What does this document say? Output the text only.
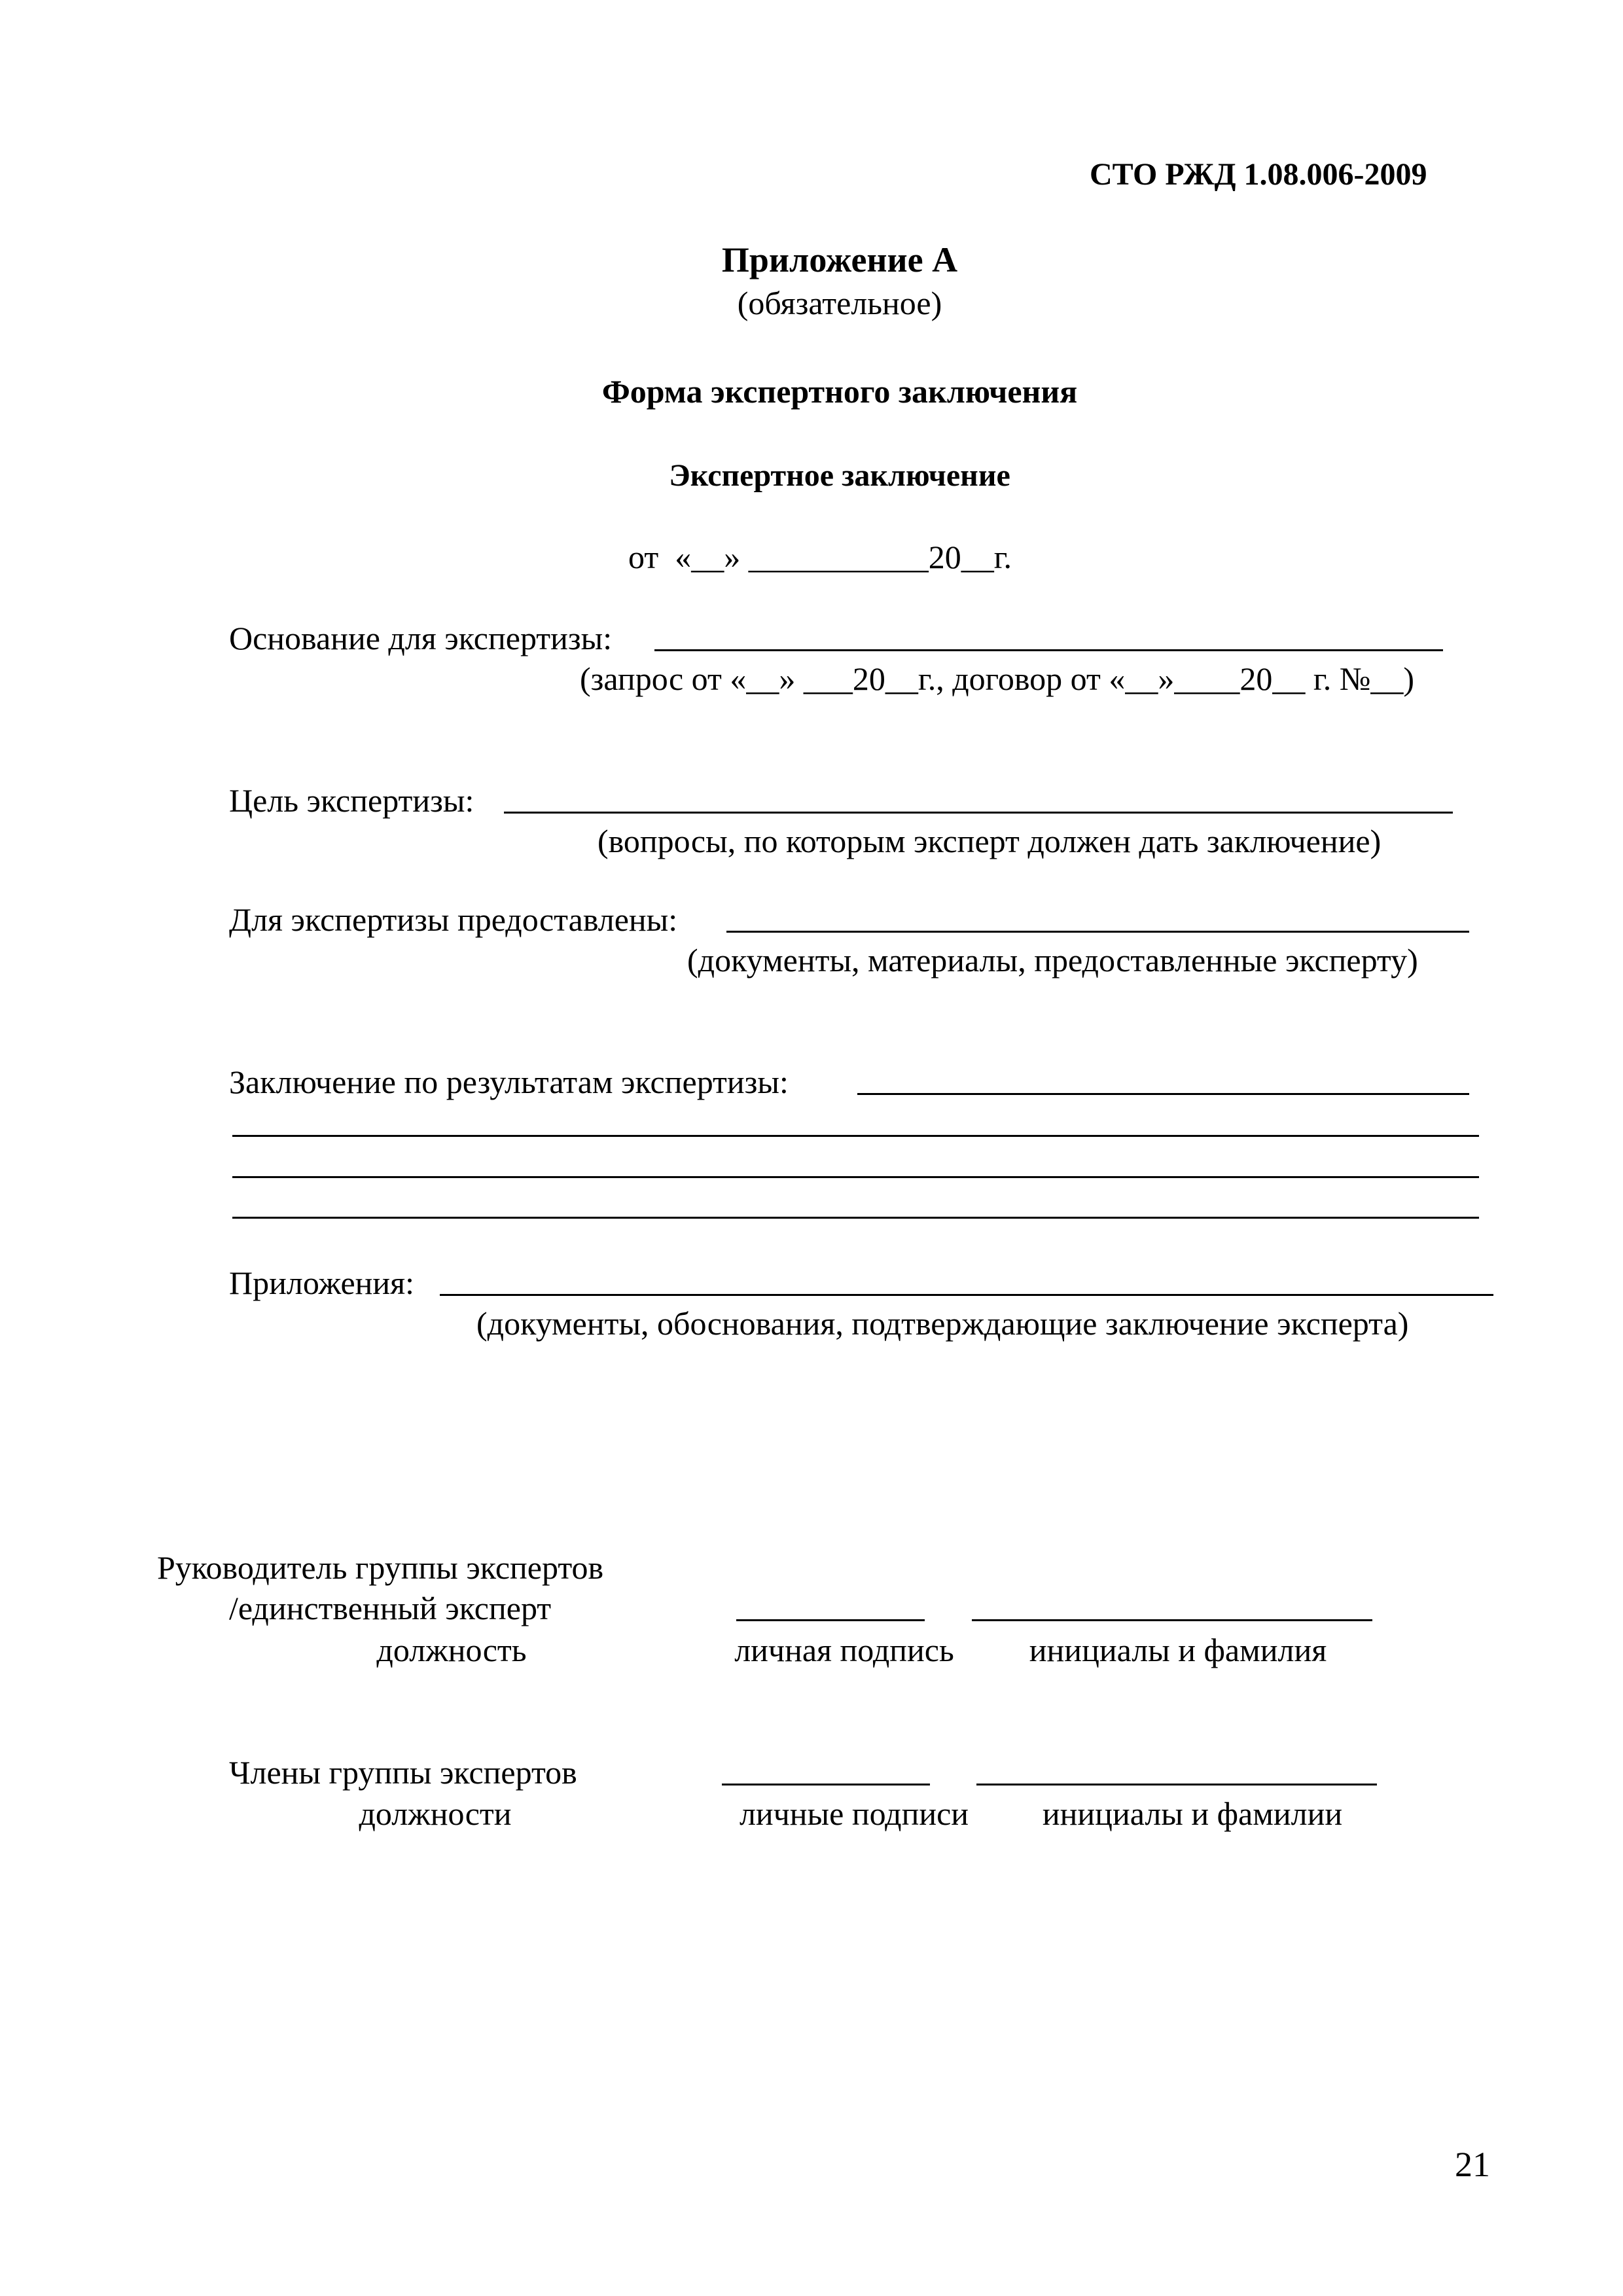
СТО РЖД 1.08.006-2009
Приложение А
(обязательное)
Форма экспертного заключения
Экспертное заключение
от  «__» ___________20__г.
Основание для экспертизы:
(запрос от «__» ___20__г., договор от «__»____20__ г. №__)
Цель экспертизы:
(вопросы, по которым эксперт должен дать заключение)
Для экспертизы предоставлены:
(документы, материалы, предоставленные эксперту)
Заключение по результатам экспертизы:
Приложения:
(документы, обоснования, подтверждающие заключение эксперта)
Руководитель группы экспертов
/единственный эксперт
должность	личная подпись инициалы и фамилия
Члены группы экспертов
должности	личные подписи инициалы и фамилии
21
